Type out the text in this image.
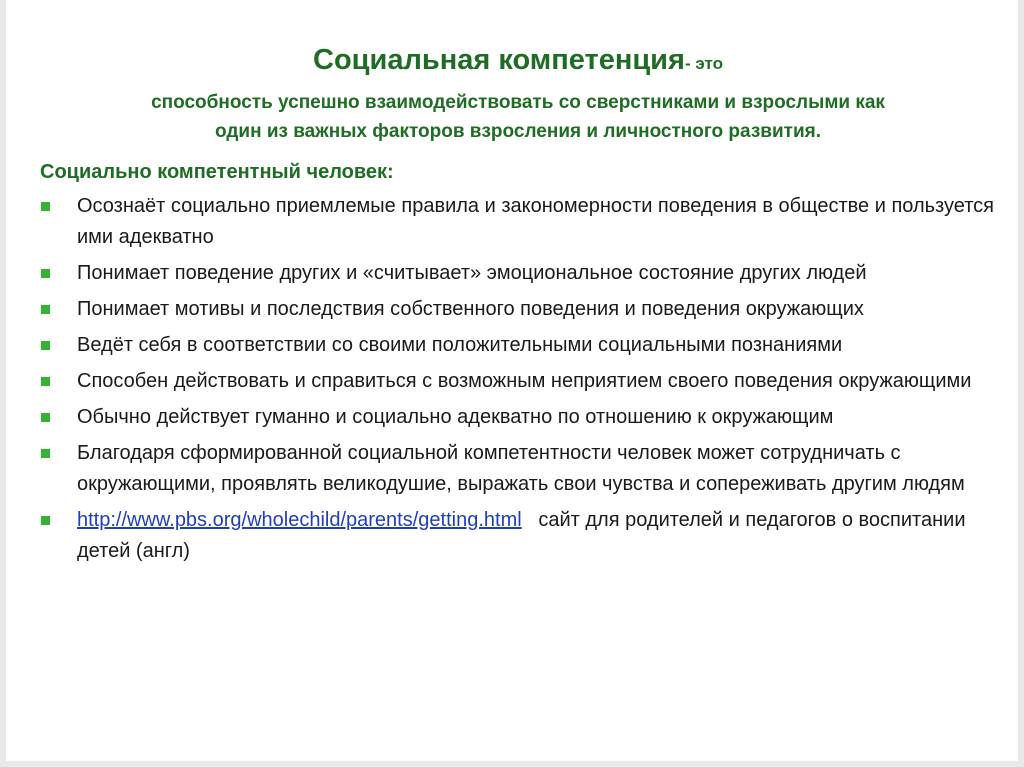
Социальная компетенция- это
способность успешно взаимодействовать со сверстниками и взрослыми как
один из важных факторов взросления и личностного развития.
Социально компетентный человек:
Осознаёт социально приемлемые правила и закономерности поведения в обществе и пользуется ими адекватно
Понимает поведение других и «считывает» эмоциональное состояние других людей
Понимает мотивы и последствия собственного поведения и поведения окружающих
Ведёт себя в соответствии со своими положительными социальными познаниями
Способен действовать и справиться с возможным неприятием своего поведения окружающими
Обычно действует гуманно и социально адекватно по отношению к окружающим
Благодаря сформированной социальной компетентности человек может сотрудничать с окружающими, проявлять великодушие, выражать свои чувства и сопереживать другим людям
http://www.pbs.org/wholechild/parents/getting.html   сайт для родителей и педагогов о воспитании детей (англ)
